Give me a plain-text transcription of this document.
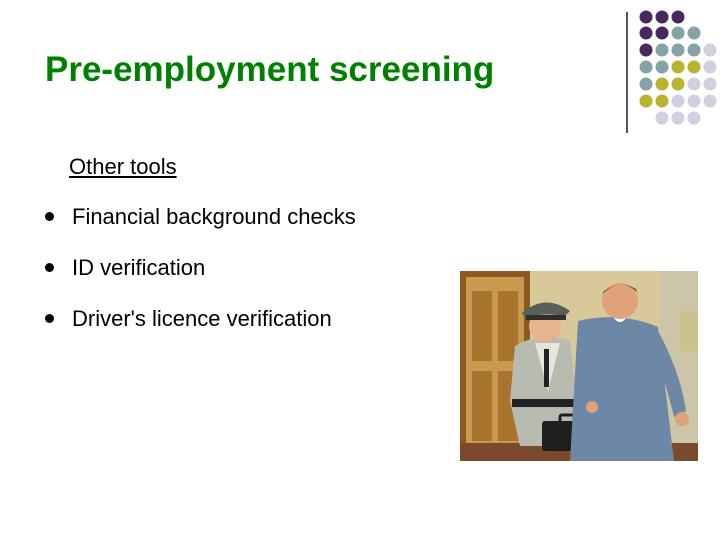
Pre-employment screening
Other tools
Financial background checks
ID verification
Driver's licence verification
